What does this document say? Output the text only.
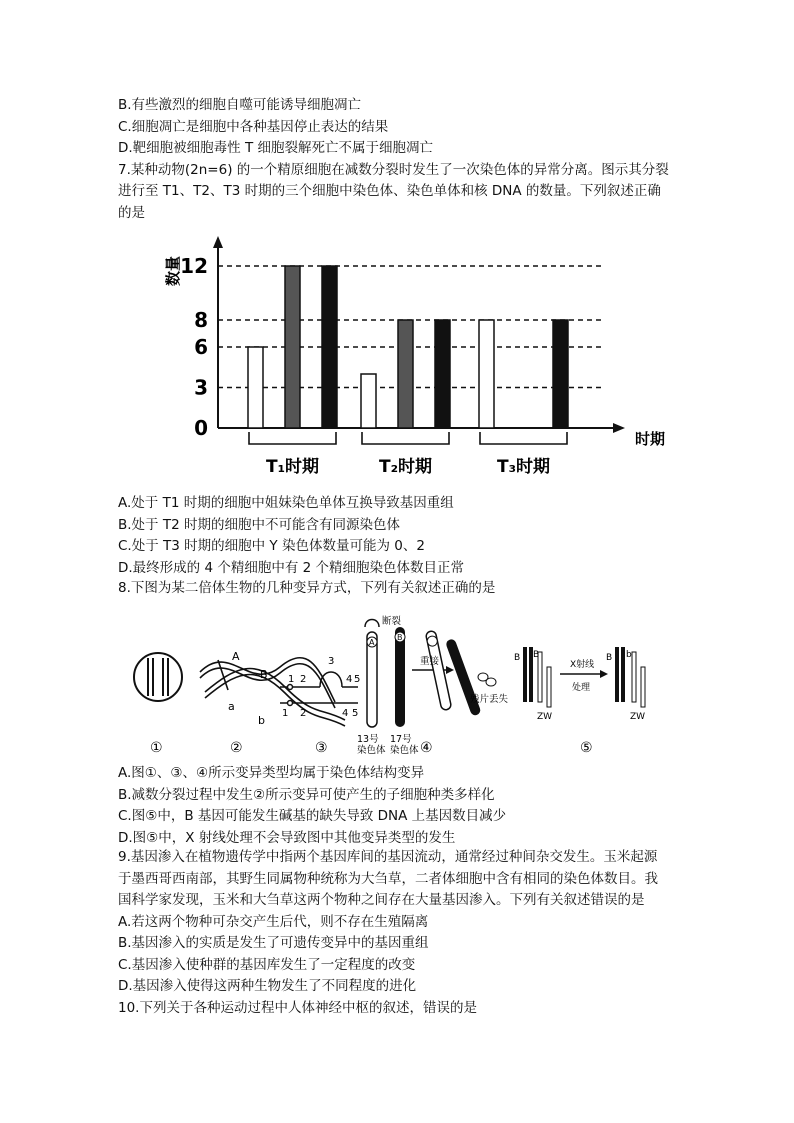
B.有些激烈的细胞自噬可能诱导细胞凋亡
C.细胞凋亡是细胞中各种基因停止表达的结果
D.靶细胞被细胞毒性 T 细胞裂解死亡不属于细胞凋亡
7.某种动物(2n=6) 的一个精原细胞在减数分裂时发生了一次染色体的异常分离。图示其分裂
进行至 T1、T2、T3 时期的三个细胞中染色体、染色单体和核 DNA 的数量。下列叙述正确
的是
0
3
6
8
12
数量
时期
T₁时期	T₂时期	T₃时期
A.处于 T1 时期的细胞中姐妹染色单体互换导致基因重组
B.处于 T2 时期的细胞中不可能含有同源染色体
C.处于 T3 时期的细胞中 Y 染色体数量可能为 0、2
D.最终形成的 4 个精细胞中有 2 个精细胞染色体数目正常
8.下图为某二倍体生物的几种变异方式，下列有关叙述正确的是
A
B
a
b
1 2
3
4 5
1 2	4 5
断裂
重接
13号染色体
17号染色体
残片丢失
A
B
B B	B b
ZW	ZW
X射线
处理
①	②	③	④	⑤
A.图①、③、④所示变异类型均属于染色体结构变异
B.减数分裂过程中发生②所示变异可使产生的子细胞种类多样化
C.图⑤中，B 基因可能发生碱基的缺失导致 DNA 上基因数目减少
D.图⑤中，X 射线处理不会导致图中其他变异类型的发生
9.基因渗入在植物遗传学中指两个基因库间的基因流动，通常经过种间杂交发生。玉米起源
于墨西哥西南部，其野生同属物种统称为大刍草，二者体细胞中含有相同的染色体数目。我
国科学家发现，玉米和大刍草这两个物种之间存在大量基因渗入。下列有关叙述错误的是
A.若这两个物种可杂交产生后代，则不存在生殖隔离
B.基因渗入的实质是发生了可遗传变异中的基因重组
C.基因渗入使种群的基因库发生了一定程度的改变
D.基因渗入使得这两种生物发生了不同程度的进化
10.下列关于各种运动过程中人体神经中枢的叙述，错误的是
